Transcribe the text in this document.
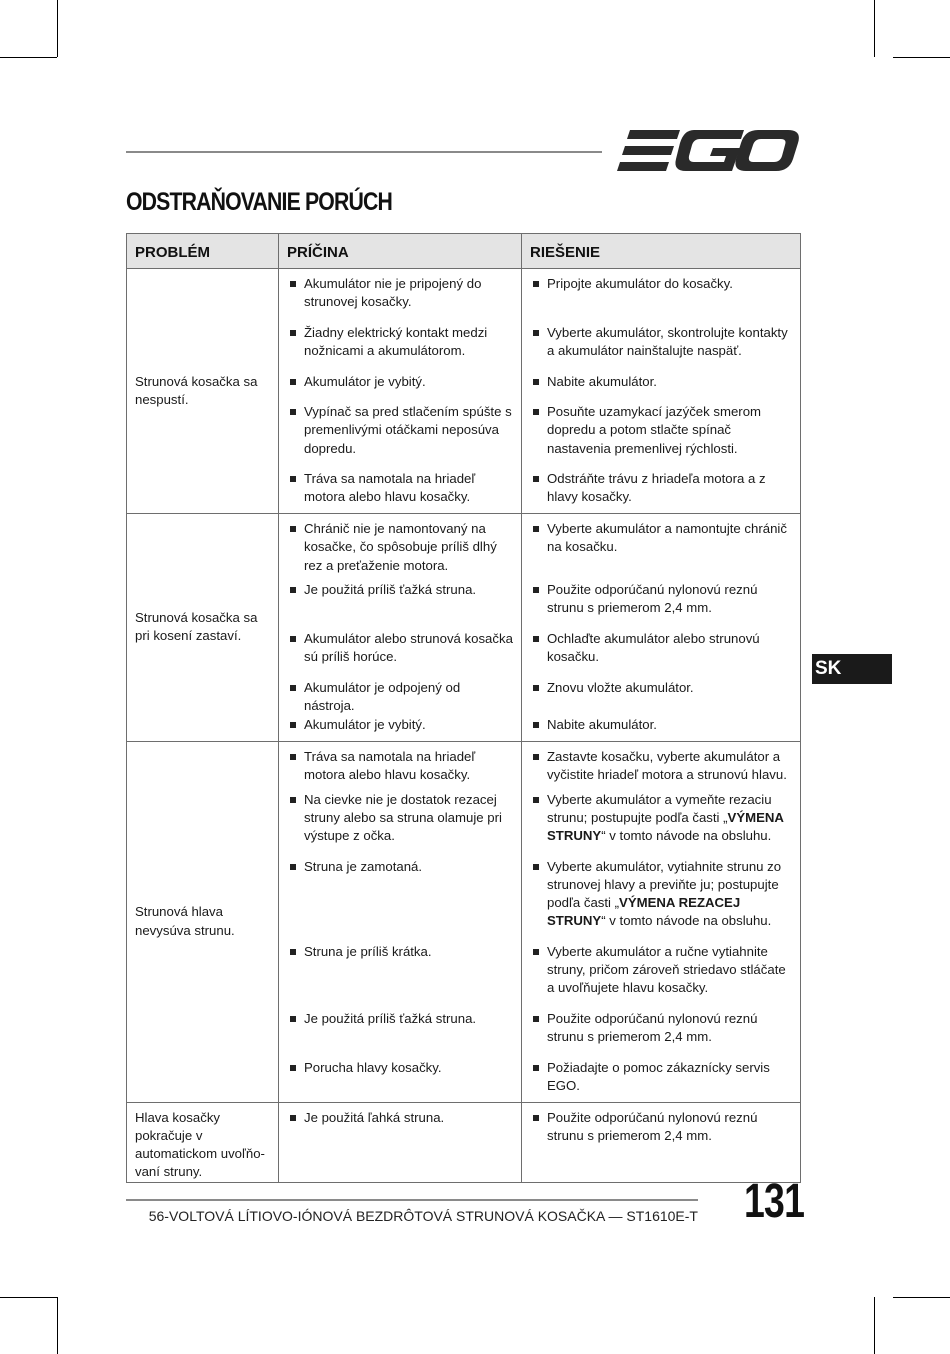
ODSTRAŇOVANIE PORÚCH
PROBLÉM	PRÍČINA	RIEŠENIE
Strunová kosačka sa nespustí.	Akumulátor nie je pripojený do strunovej kosačky.	Pripojte akumulátor do kosačky.

	Žiadny elektrický kontakt medzi nožnicami a akumulátorom.	Vyberte akumulátor, skontrolujte kontakty a akumulátor nainštalujte naspäť.

	Akumulátor je vybitý.	Nabite akumulátor.

	Vypínač sa pred stlačením spúšte s premenlivými otáčkami neposúva dopredu.	Posuňte uzamykací jazýček smerom dopredu a potom stlačte spínač nastavenia premenlivej rýchlosti.

	Tráva sa namotala na hriadeľ motora alebo hlavu kosačky.	Odstráňte trávu z hriadeľa motora a z hlavy kosačky.

Strunová kosačka sa pri kosení zastaví.	Chránič nie je namontovaný na kosačke, čo spôsobuje príliš dlhý rez a preťaženie motora.	Vyberte akumulátor a namontujte chránič na kosačku.

	Je použitá príliš ťažká struna.	Použite odporúčanú nylonovú reznú strunu s priemerom 2,4 mm.

	Akumulátor alebo strunová kosačka sú príliš horúce.	Ochlaďte akumulátor alebo strunovú kosačku.

	Akumulátor je odpojený od nástroja.	Znovu vložte akumulátor.

	Akumulátor je vybitý.	Nabite akumulátor.

Strunová hlava nevysúva strunu.	Tráva sa namotala na hriadeľ motora alebo hlavu kosačky.	Zastavte kosačku, vyberte akumulátor a vyčistite hriadeľ motora a strunovú hlavu.

	Na cievke nie je dostatok rezacej struny alebo sa struna olamuje pri výstupe z očka.	Vyberte akumulátor a vymeňte rezaciu strunu; postupujte podľa časti „VÝMENA STRUNY“ v tomto návode na obsluhu.

	Struna je zamotaná.	Vyberte akumulátor, vytiahnite strunu zo strunovej hlavy a previňte ju; postupujte podľa časti „VÝMENA REZACEJ STRUNY“ v tomto návode na obsluhu.

	Struna je príliš krátka.	Vyberte akumulátor a ručne vytiahnite struny, pričom zároveň striedavo stláčate a uvoľňujete hlavu kosačky.

	Je použitá príliš ťažká struna.	Použite odporúčanú nylonovú reznú strunu s priemerom 2,4 mm.

	Porucha hlavy kosačky.	Požiadajte o pomoc zákaznícky servis EGO.

Hlava kosačky pokračuje v automatickom uvoľňo-vaní struny.	Je použitá ľahká struna.	Použite odporúčanú nylonovú reznú strunu s priemerom 2,4 mm.
SK
56-VOLTOVÁ LÍTIOVO-IÓNOVÁ BEZDRÔTOVÁ STRUNOVÁ KOSAČKA — ST1610E-T 131
